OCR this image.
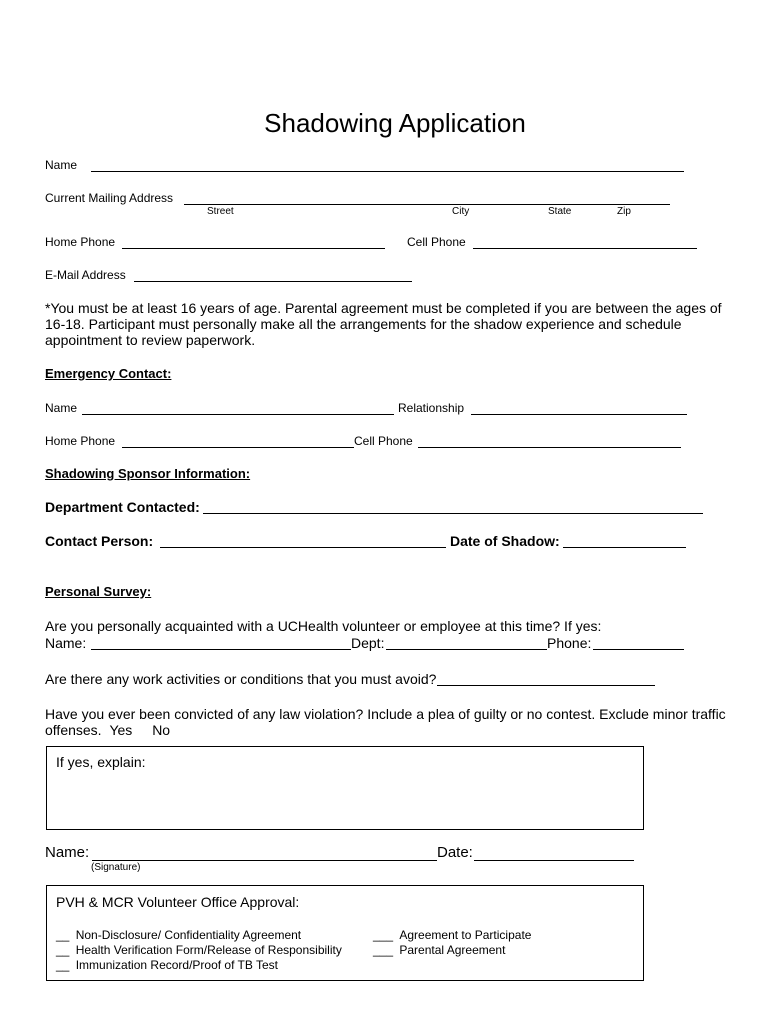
Shadowing Application
Name
Current Mailing Address
Street	City	State	Zip
Home Phone	Cell Phone
E-Mail Address
*You must be at least 16 years of age. Parental agreement must be completed if you are between the ages of 16-18. Participant must personally make all the arrangements for the shadow experience and schedule appointment to review paperwork.
Emergency Contact:
Name	Relationship
Home Phone	Cell Phone
Shadowing Sponsor Information:
Department Contacted:
Contact Person:	Date of Shadow:
Personal Survey:
Are you personally acquainted with a UCHealth volunteer or employee at this time? If yes:
Name:	Dept:	Phone:
Are there any work activities or conditions that you must avoid?
Have you ever been convicted of any law violation? Include a plea of guilty or no contest. Exclude minor traffic offenses. Yes No
If yes, explain:
Name:	Date:
(Signature)
PVH & MCR Volunteer Office Approval:
__ Non-Disclosure/ Confidentiality Agreement
__ Health Verification Form/Release of Responsibility
__ Immunization Record/Proof of TB Test
___ Agreement to Participate
___ Parental Agreement
